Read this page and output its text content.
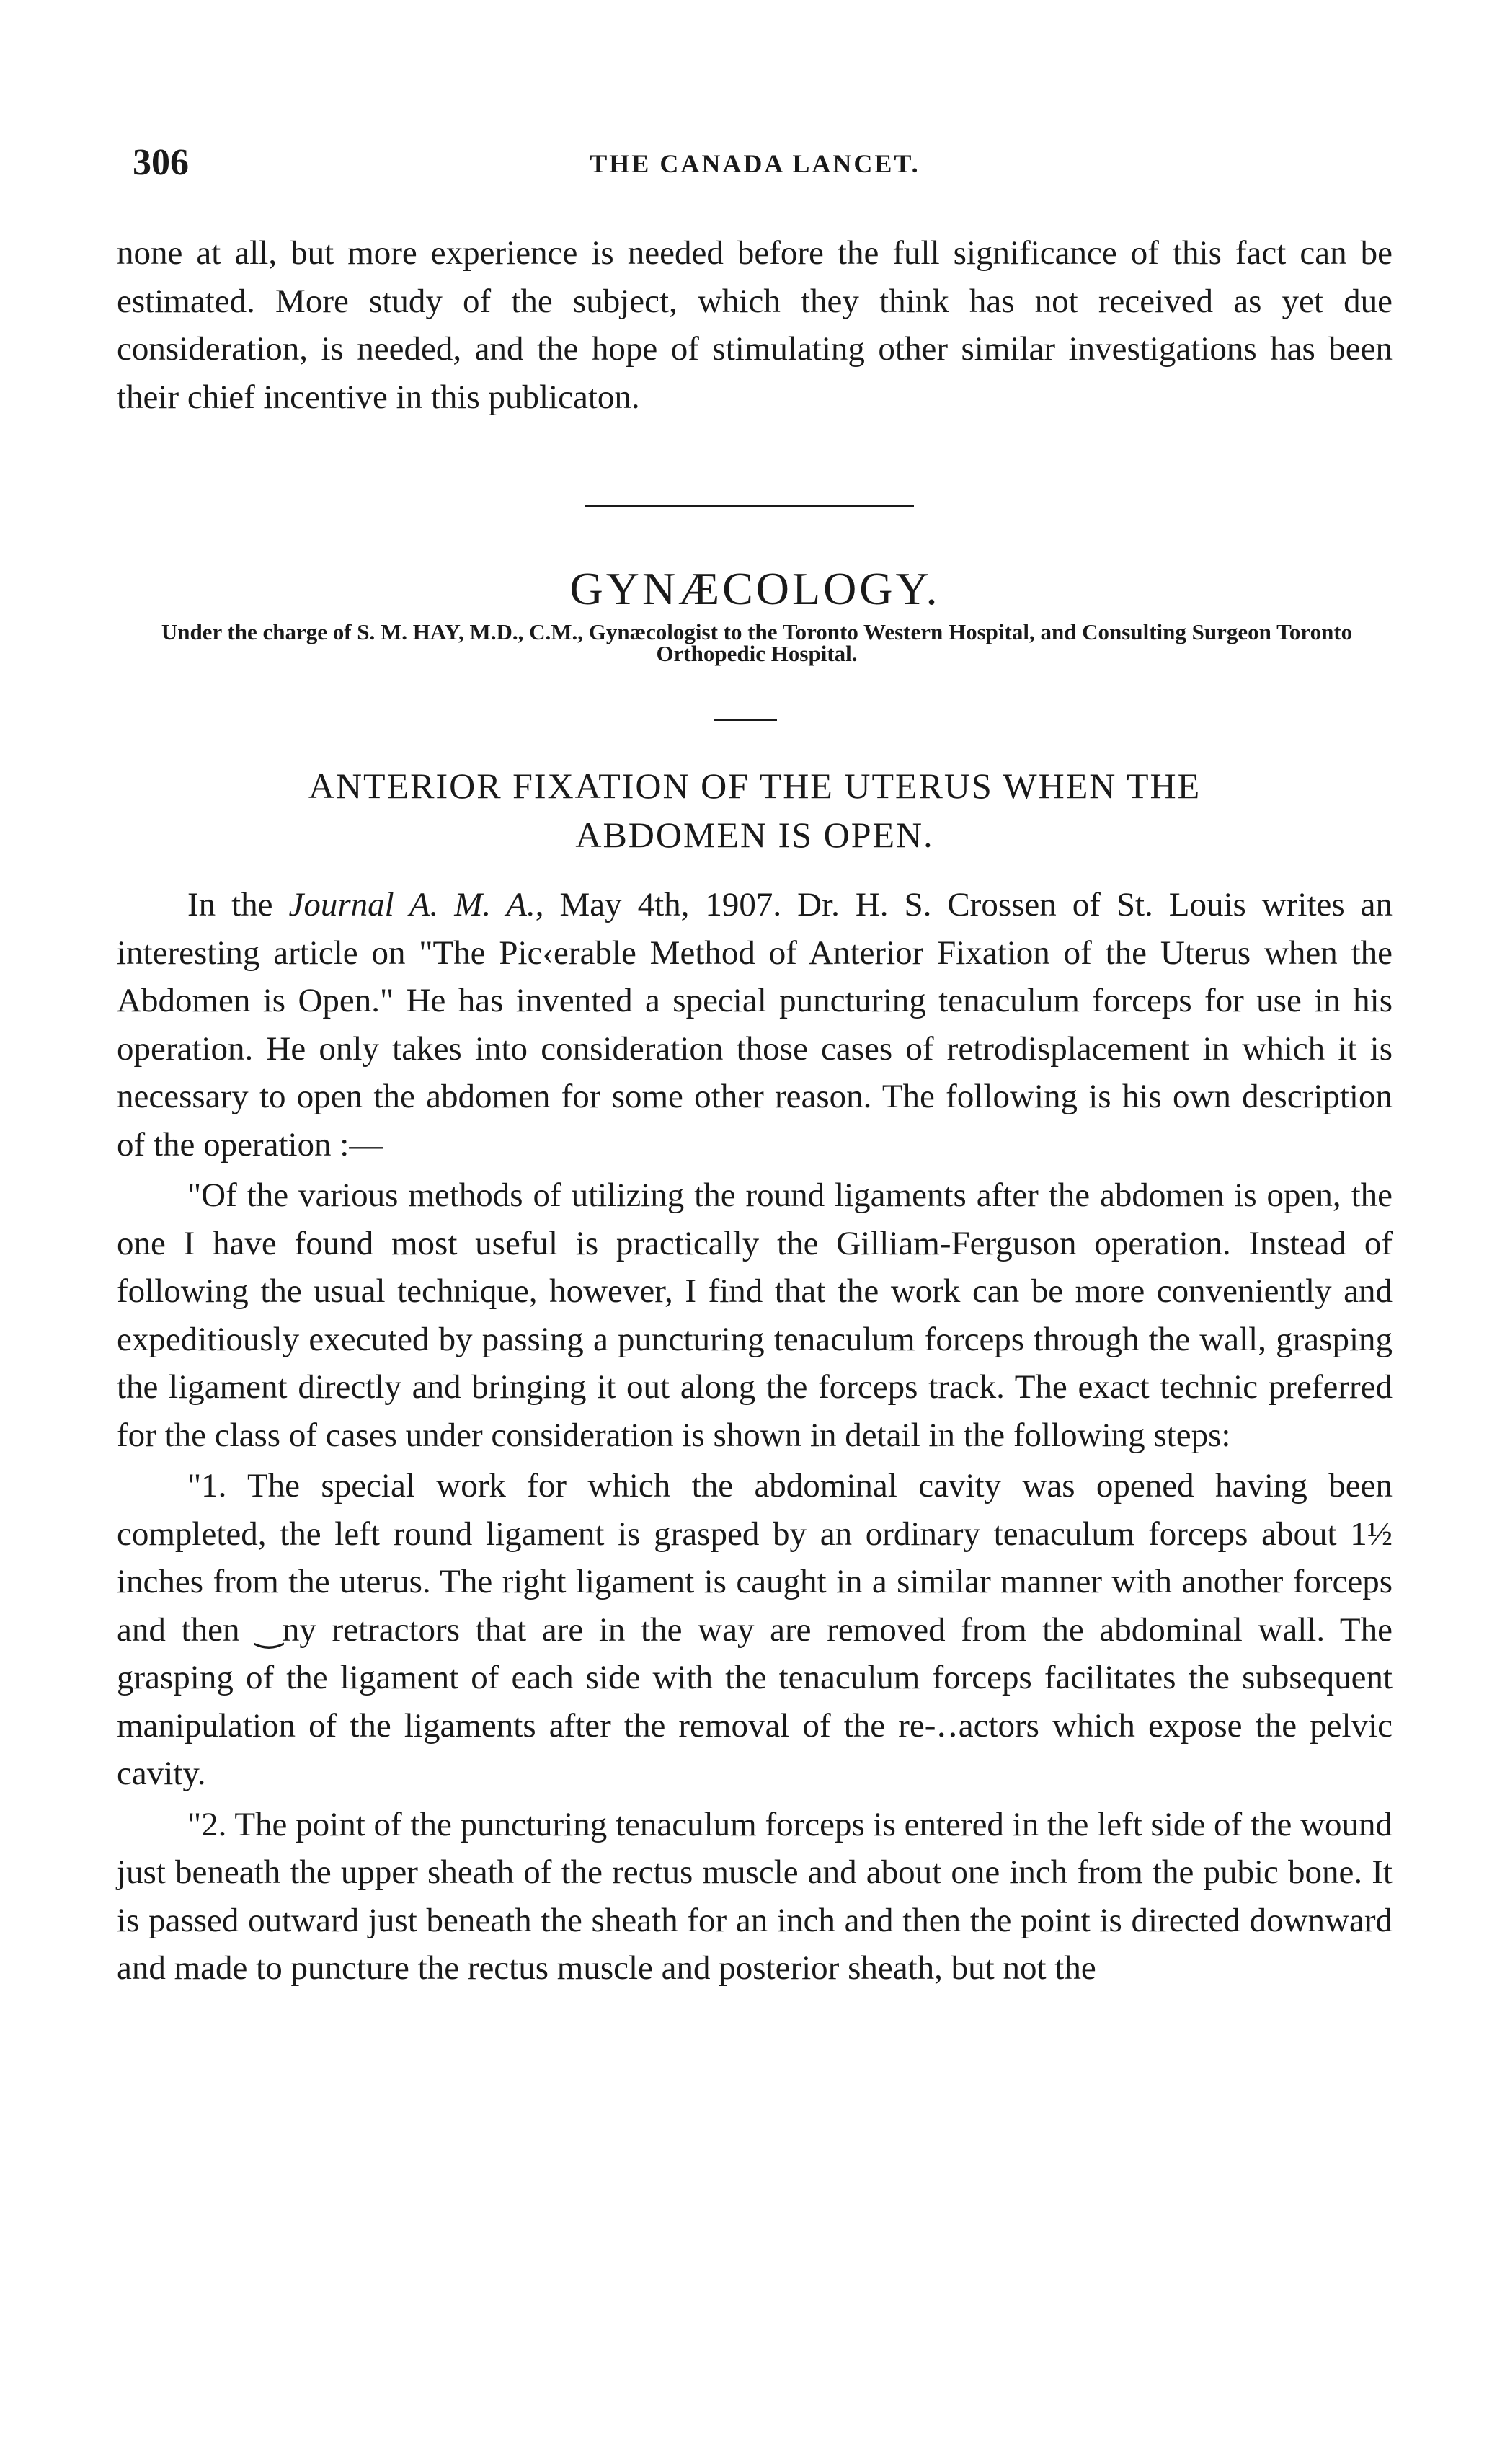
306	THE CANADA LANCET.

none at all, but more experience is needed before the full significance of this fact can be estimated. More study of the subject, which they think has not received as yet due consideration, is needed, and the hope of stimulating other similar investigations has been their chief incentive in this publicaton.

GYNÆCOLOGY.
Under the charge of S. M. HAY, M.D., C.M., Gynæcologist to the Toronto Western Hospital, and Consulting Surgeon Toronto Orthopedic Hospital.
ANTERIOR FIXATION OF THE UTERUS WHEN THE
ABDOMEN IS OPEN.

In the Journal A. M. A., May 4th, 1907. Dr. H. S. Crossen of St. Louis writes an interesting article on "The Pic‹erable Method of Anterior Fixation of the Uterus when the Abdomen is Open." He has invented a special puncturing tenaculum forceps for use in his operation. He only takes into consideration those cases of retrodisplacement in which it is necessary to open the abdomen for some other reason. The following is his own description of the operation :—

"Of the various methods of utilizing the round ligaments after the abdomen is open, the one I have found most useful is practically the Gilliam-Ferguson operation. Instead of following the usual technique, however, I find that the work can be more conveniently and expeditiously executed by passing a puncturing tenaculum forceps through the wall, grasping the ligament directly and bringing it out along the forceps track. The exact technic preferred for the class of cases under consideration is shown in detail in the following steps:

"1. The special work for which the abdominal cavity was opened having been completed, the left round ligament is grasped by an ordinary tenaculum forceps about 1½ inches from the uterus. The right ligament is caught in a similar manner with another forceps and then ‿ny retractors that are in the way are removed from the abdominal wall. The grasping of the ligament of each side with the tenaculum forceps facilitates the subsequent manipulation of the ligaments after the removal of the re-‥actors which expose the pelvic cavity.

"2. The point of the puncturing tenaculum forceps is entered in the left side of the wound just beneath the upper sheath of the rectus muscle and about one inch from the pubic bone. It is passed outward just beneath the sheath for an inch and then the point is directed downward and made to puncture the rectus muscle and posterior sheath, but not the
